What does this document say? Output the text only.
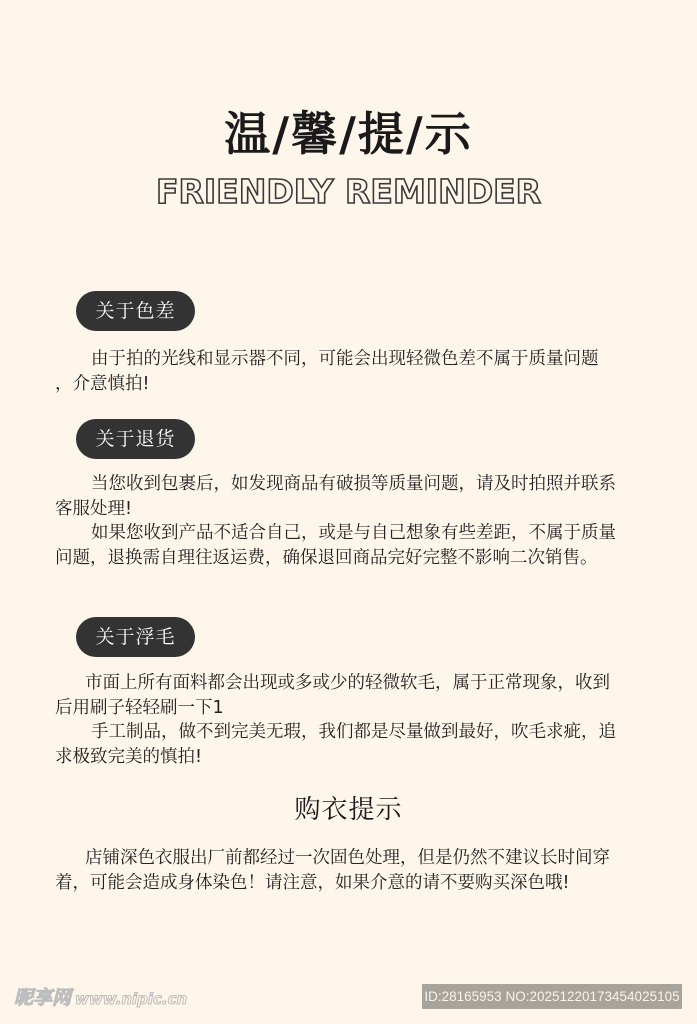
温/馨/提/示
FRIENDLY REMINDER
关于色差

由于拍的光线和显示器不同，可能会出现轻微色差不属于质量问题 ，介意慎拍!

关于退货

当您收到包裹后，如发现商品有破损等质量问题，请及时拍照并联系客服处理!

如果您收到产品不适合自己，或是与自己想象有些差距，不属于质量问题，退换需自理往返运费，确保退回商品完好完整不影响二次销售。

关于浮毛

市面上所有面料都会出现或多或少的轻微软毛，属于正常现象，收到后用刷子轻轻刷一下1

手工制品，做不到完美无瑕，我们都是尽量做到最好，吹毛求疵，追求极致完美的慎拍!

购衣提示

店铺深色衣服出厂前都经过一次固色处理，但是仍然不建议长时间穿着，可能会造成身体染色！请注意，如果介意的请不要购买深色哦!

昵享网 www.nipic.cn	ID:28165953 NO:20251220173454025105
